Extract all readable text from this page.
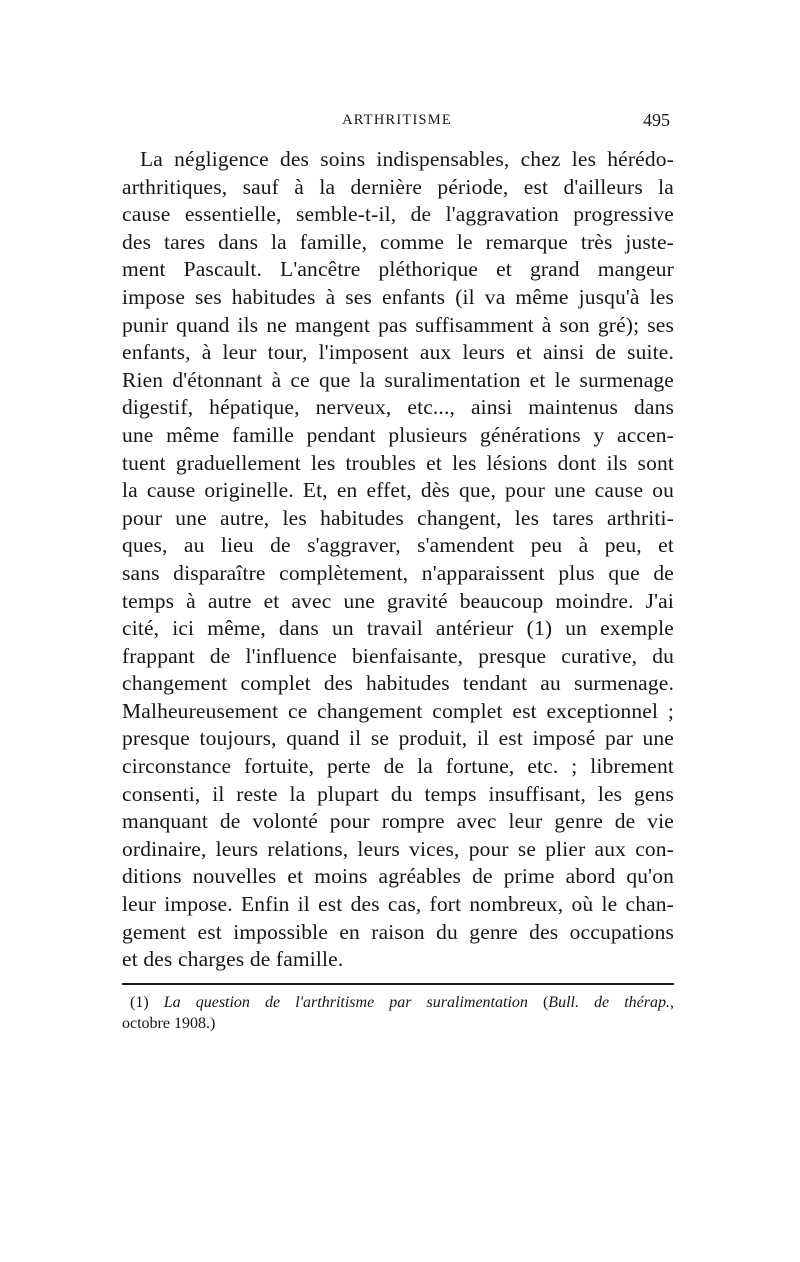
ARTHRITISME	495
La négligence des soins indispensables, chez les hérédo-
arthritiques, sauf à la dernière période, est d'ailleurs la
cause essentielle, semble-t-il, de l'aggravation progressive
des tares dans la famille, comme le remarque très juste-
ment Pascault. L'ancêtre pléthorique et grand mangeur
impose ses habitudes à ses enfants (il va même jusqu'à les
punir quand ils ne mangent pas suffisamment à son gré); ses
enfants, à leur tour, l'imposent aux leurs et ainsi de suite.
Rien d'étonnant à ce que la suralimentation et le surmenage
digestif, hépatique, nerveux, etc..., ainsi maintenus dans
une même famille pendant plusieurs générations y accen-
tuent graduellement les troubles et les lésions dont ils sont
la cause originelle. Et, en effet, dès que, pour une cause ou
pour une autre, les habitudes changent, les tares arthriti-
ques, au lieu de s'aggraver, s'amendent peu à peu, et
sans disparaître complètement, n'apparaissent plus que de
temps à autre et avec une gravité beaucoup moindre. J'ai
cité, ici même, dans un travail antérieur (1) un exemple
frappant de l'influence bienfaisante, presque curative, du
changement complet des habitudes tendant au surmenage.
Malheureusement ce changement complet est exceptionnel ;
presque toujours, quand il se produit, il est imposé par une
circonstance fortuite, perte de la fortune, etc. ; librement
consenti, il reste la plupart du temps insuffisant, les gens
manquant de volonté pour rompre avec leur genre de vie
ordinaire, leurs relations, leurs vices, pour se plier aux con-
ditions nouvelles et moins agréables de prime abord qu'on
leur impose. Enfin il est des cas, fort nombreux, où le chan-
gement est impossible en raison du genre des occupations
et des charges de famille.
(1) La question de l'arthritisme par suralimentation (Bull. de thérap.,
octobre 1908.)
